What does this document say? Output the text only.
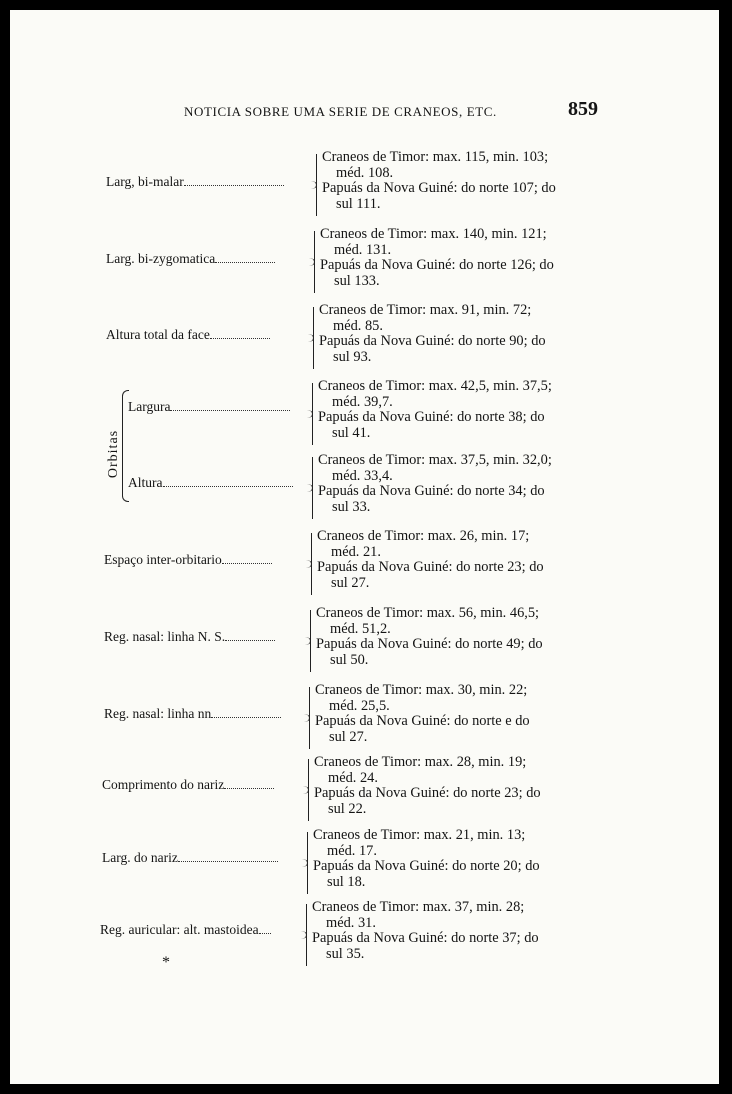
NOTICIA SOBRE UMA SERIE DE CRANEOS, ETC.	859
Orbitas
Larg, bi-malar
Craneos de Timor: max. 115, min. 103;
méd. 108.
Papuás da Nova Guiné: do norte 107; do
sul 111.
Larg. bi-zygomatica
Craneos de Timor: max. 140, min. 121;
méd. 131.
Papuás da Nova Guiné: do norte 126; do
sul 133.
Altura total da face
Craneos de Timor: max. 91, min. 72;
méd. 85.
Papuás da Nova Guiné: do norte 90; do
sul 93.
Largura
Craneos de Timor: max. 42,5, min. 37,5;
méd. 39,7.
Papuás da Nova Guiné: do norte 38; do
sul 41.
Altura
Craneos de Timor: max. 37,5, min. 32,0;
méd. 33,4.
Papuás da Nova Guiné: do norte 34; do
sul 33.
Espaço inter-orbitario
Craneos de Timor: max. 26, min. 17;
méd. 21.
Papuás da Nova Guiné: do norte 23; do
sul 27.
Reg. nasal: linha N. S.
Craneos de Timor: max. 56, min. 46,5;
méd. 51,2.
Papuás da Nova Guiné: do norte 49; do
sul 50.
Reg. nasal: linha nn
Craneos de Timor: max. 30, min. 22;
méd. 25,5.
Papuás da Nova Guiné: do norte e do
sul 27.
Comprimento do nariz
Craneos de Timor: max. 28, min. 19;
méd. 24.
Papuás da Nova Guiné: do norte 23; do
sul 22.
Larg. do nariz
Craneos de Timor: max. 21, min. 13;
méd. 17.
Papuás da Nova Guiné: do norte 20; do
sul 18.
Reg. auricular: alt. mastoidea
Craneos de Timor: max. 37, min. 28;
méd. 31.
Papuás da Nova Guiné: do norte 37; do
sul 35.
*
